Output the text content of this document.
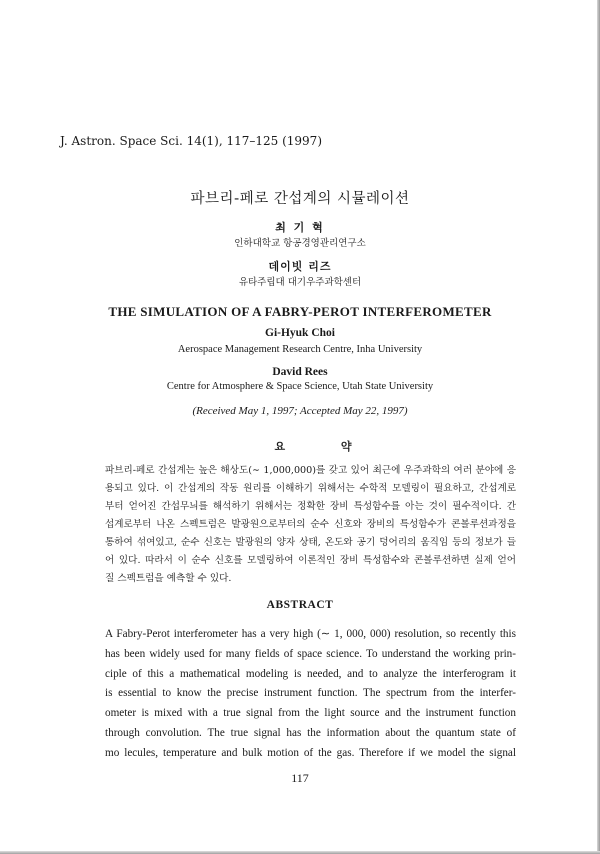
J. Astron. Space Sci. 14(1), 117–125 (1997)
파브리-페로 간섭계의 시뮬레이션
최 기 혁
인하대학교 항공경영관리연구소
데이빗 리즈
유타주립대 대기우주과학센터
THE SIMULATION OF A FABRY-PEROT INTERFEROMETER
Gi-Hyuk Choi
Aerospace Management Research Centre, Inha University
David Rees
Centre for Atmosphere & Space Science, Utah State University
(Received May 1, 1997; Accepted May 22, 1997)
요 약
파브리-페로 간섭계는 높은 해상도(∼ 1,000,000)를 갖고 있어 최근에 우주과학의 여러 분야에 응
용되고 있다. 이 간섭계의 작동 원리를 이해하기 위해서는 수학적 모델링이 필요하고, 간섭계로
부터 얻어진 간섭무늬를 해석하기 위해서는 정확한 장비 특성함수를 아는 것이 필수적이다. 간
섭계로부터 나온 스펙트럼은 발광원으로부터의 순수 신호와 장비의 특성함수가 콘볼루션과정을
통하여 섞여있고, 순수 신호는 발광원의 양자 상태, 온도와 공기 덩어리의 움직임 등의 정보가 들
어 있다. 따라서 이 순수 신호를 모델링하여 이론적인 장비 특성함수와 콘볼루션하면 실제 얻어
질 스펙트럼을 예측할 수 있다.
ABSTRACT
A Fabry-Perot interferometer has a very high (∼ 1, 000, 000) resolution, so recently this
has been widely used for many fields of space science. To understand the working prin-
ciple of this a mathematical modeling is needed, and to analyze the interferogram it
is essential to know the precise instrument function. The spectrum from the interfer-
ometer is mixed with a true signal from the light source and the instrument function
through convolution. The true signal has the information about the quantum state of
mo lecules, temperature and bulk motion of the gas. Therefore if we model the signal
117
